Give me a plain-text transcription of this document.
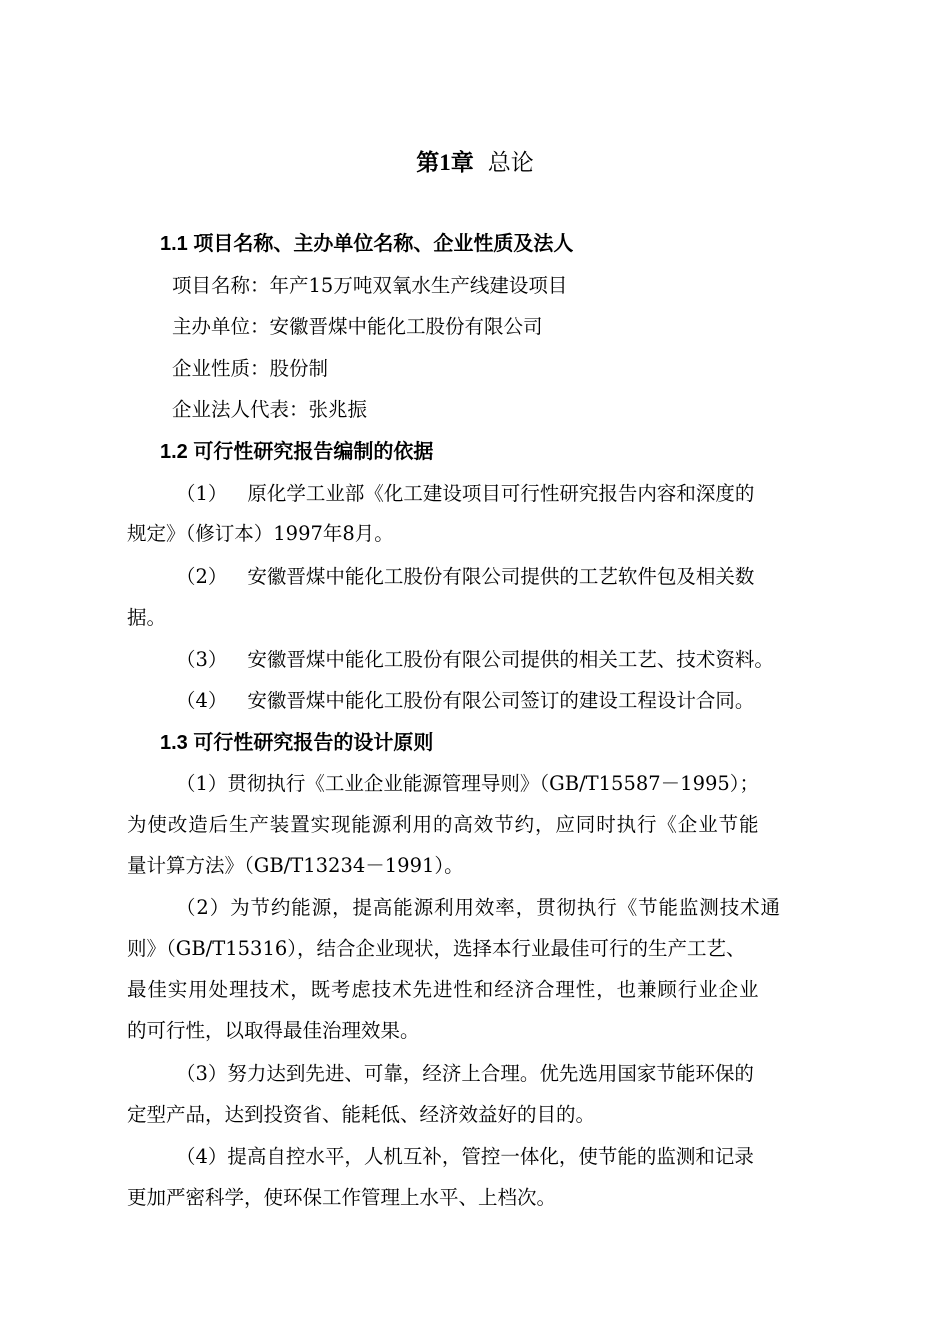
第1章 总论
1.1 项目名称、主办单位名称、企业性质及法人
项目名称：年产15万吨双氧水生产线建设项目
主办单位：安徽晋煤中能化工股份有限公司
企业性质：股份制
企业法人代表：张兆振
1.2 可行性研究报告编制的依据
（1） 原化学工业部《化工建设项目可行性研究报告内容和深度的
规定》（修订本）1997年8月。
（2） 安徽晋煤中能化工股份有限公司提供的工艺软件包及相关数
据。
（3） 安徽晋煤中能化工股份有限公司提供的相关工艺、技术资料。
（4） 安徽晋煤中能化工股份有限公司签订的建设工程设计合同。
1.3 可行性研究报告的设计原则
（1）贯彻执行《工业企业能源管理导则》（GB/T15587－1995）；
为使改造后生产装置实现能源利用的高效节约，应同时执行《企业节能
量计算方法》（GB/T13234－1991）。
（2）为节约能源，提高能源利用效率，贯彻执行《节能监测技术通
则》（GB/T15316），结合企业现状，选择本行业最佳可行的生产工艺、
最佳实用处理技术，既考虑技术先进性和经济合理性，也兼顾行业企业
的可行性，以取得最佳治理效果。
（3）努力达到先进、可靠，经济上合理。优先选用国家节能环保的
定型产品，达到投资省、能耗低、经济效益好的目的。
（4）提高自控水平，人机互补，管控一体化，使节能的监测和记录
更加严密科学，使环保工作管理上水平、上档次。
